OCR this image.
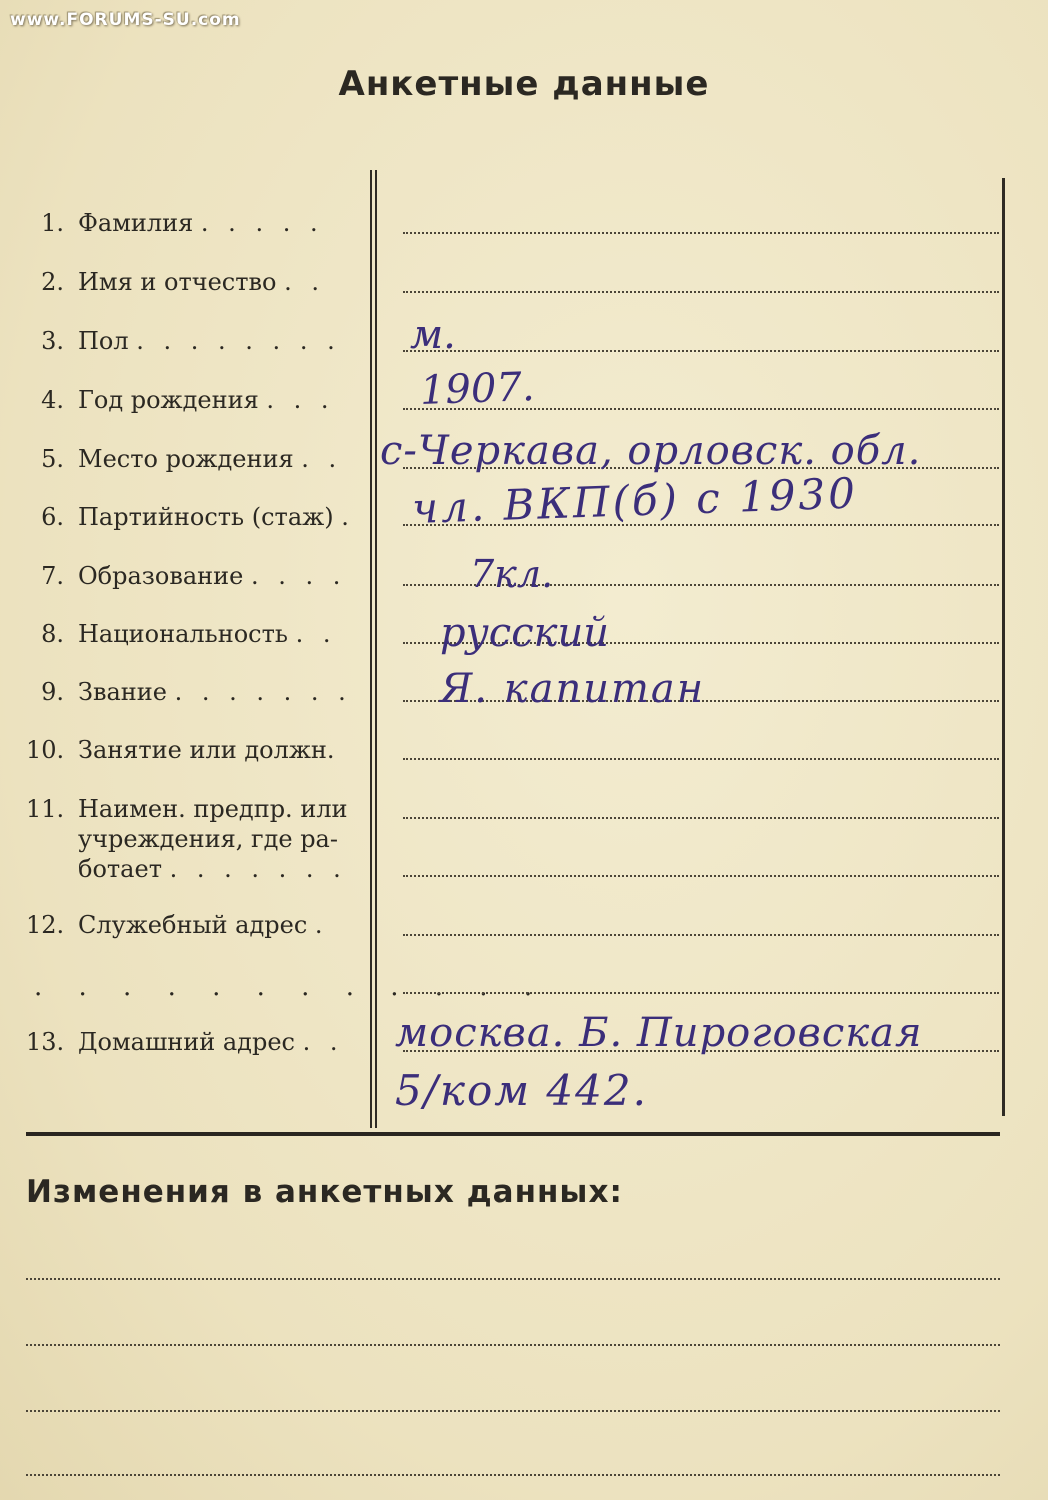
www.FORUMS-SU.com
Анкетные данные
1. Фамилия . . . . .
2. Имя и отчество . .
3. Пол . . . . . . . .
4. Год рождения . . .
5. Место рождения . .
6. Партийность (стаж) .
7. Образование . . . .
8. Национальность . .
9. Звание . . . . . . .
10. Занятие или должн.
11. Наимен. предпр. или
учреждения, где ра-
ботает . . . . . . .
12. Служебный адрес .
. . . . . . . . . . . .
13. Домашний адрес . .
м.
1907.
с-Черкава, орловск. обл.
чл. ВКП(б) с 1930
7кл.
русский
Я. капитан
москва. Б. Пироговская
5/ком 442.
Изменения в анкетных данных:
